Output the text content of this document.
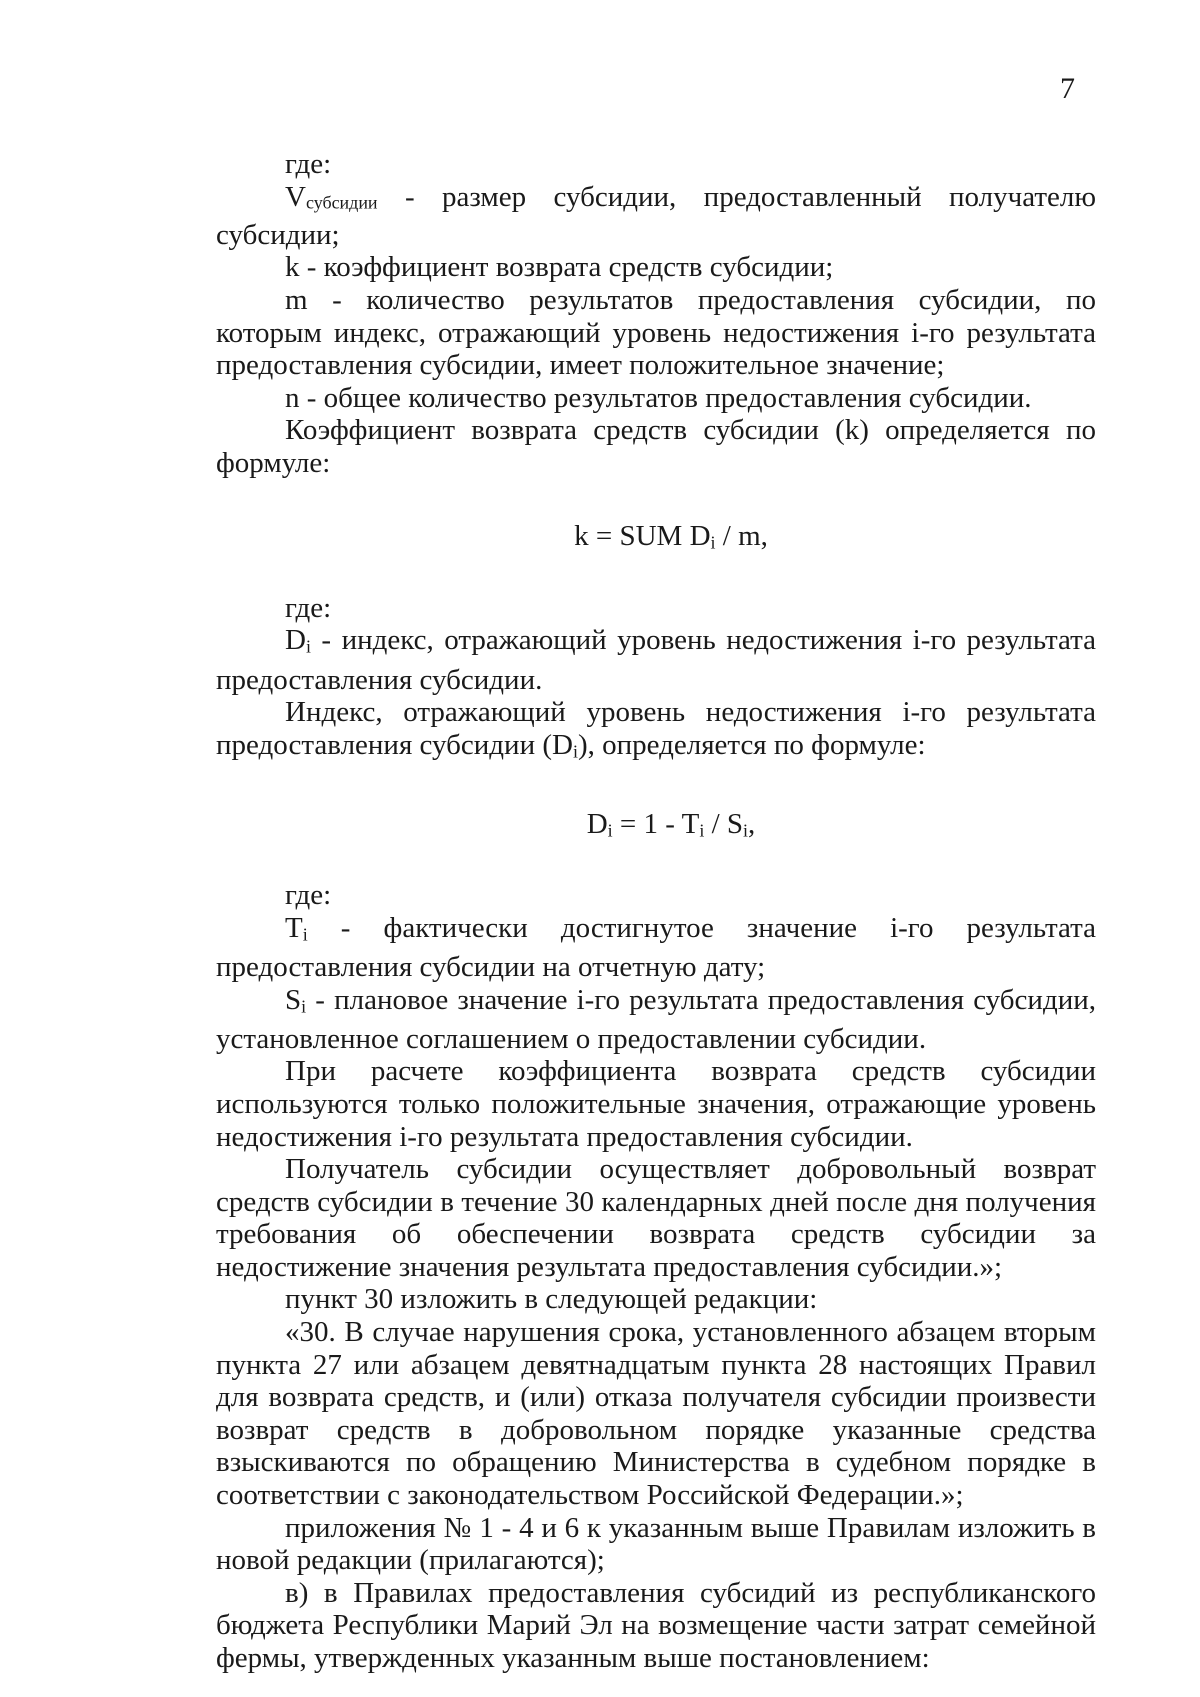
7

где:

Vсубсидии - размер субсидии, предоставленный получателю субсидии;

k - коэффициент возврата средств субсидии;

m - количество результатов предоставления субсидии, по которым индекс, отражающий уровень недостижения i-го результата предоставления субсидии, имеет положительное значение;

n - общее количество результатов предоставления субсидии.

Коэффициент возврата средств субсидии (k) определяется по формуле:

k = SUM Di / m,

где:

Di - индекс, отражающий уровень недостижения i-го результата предоставления субсидии.

Индекс, отражающий уровень недостижения i-го результата предоставления субсидии (Di), определяется по формуле:

Di = 1 - Ti / Si,

где:

Ti - фактически достигнутое значение i-го результата предоставления субсидии на отчетную дату;

Si - плановое значение i-го результата предоставления субсидии, установленное соглашением о предоставлении субсидии.

При расчете коэффициента возврата средств субсидии используются только положительные значения, отражающие уровень недостижения i-го результата предоставления субсидии.

Получатель субсидии осуществляет добровольный возврат средств субсидии в течение 30 календарных дней после дня получения требования об обеспечении возврата средств субсидии за недостижение значения результата предоставления субсидии.»;

пункт 30 изложить в следующей редакции:

«30. В случае нарушения срока, установленного абзацем вторым пункта 27 или абзацем девятнадцатым пункта 28 настоящих Правил для возврата средств, и (или) отказа получателя субсидии произвести возврат средств в добровольном порядке указанные средства взыскиваются по обращению Министерства в судебном порядке в соответствии с законодательством Российской Федерации.»;

приложения № 1 - 4 и 6 к указанным выше Правилам изложить в новой редакции (прилагаются);

в) в Правилах предоставления субсидий из республиканского бюджета Республики Марий Эл на возмещение части затрат семейной фермы, утвержденных указанным выше постановлением:
